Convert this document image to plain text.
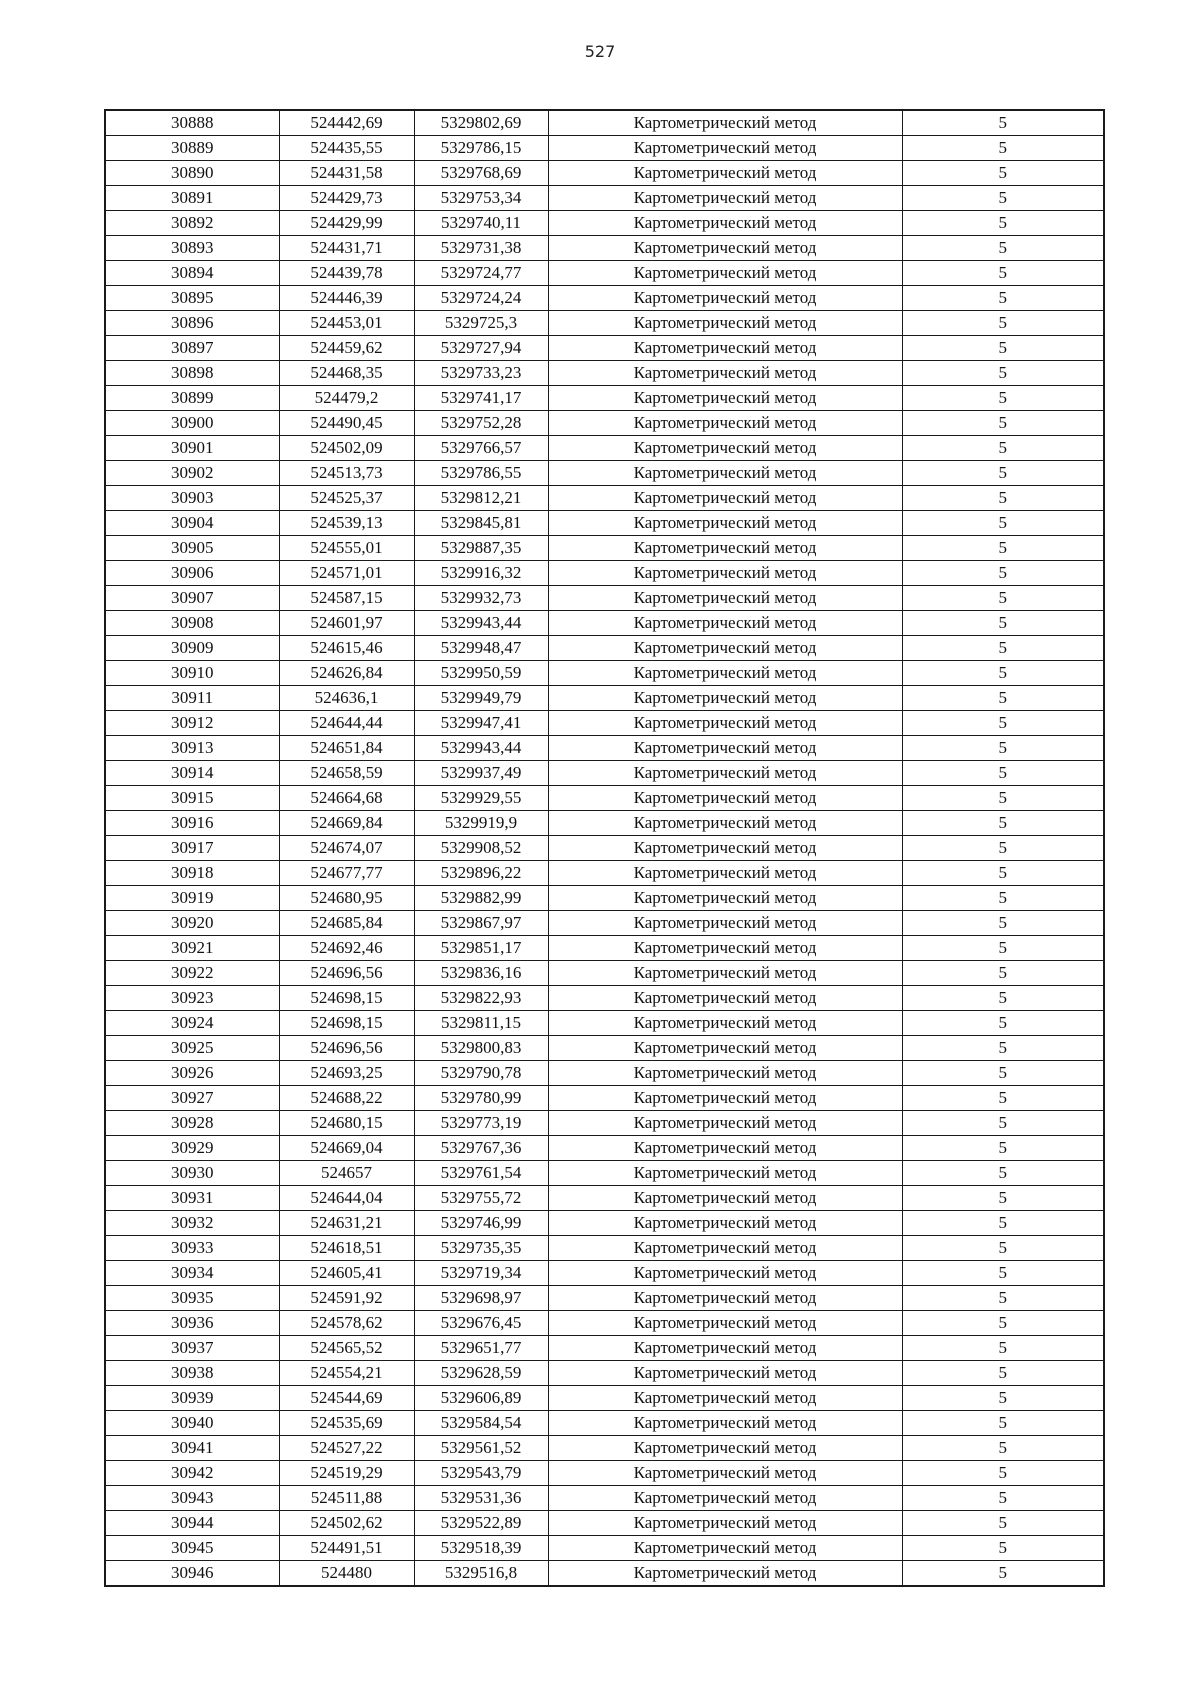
527
30888	524442,69	5329802,69	Картометрический метод	5
30889	524435,55	5329786,15	Картометрический метод	5
30890	524431,58	5329768,69	Картометрический метод	5
30891	524429,73	5329753,34	Картометрический метод	5
30892	524429,99	5329740,11	Картометрический метод	5
30893	524431,71	5329731,38	Картометрический метод	5
30894	524439,78	5329724,77	Картометрический метод	5
30895	524446,39	5329724,24	Картометрический метод	5
30896	524453,01	5329725,3	Картометрический метод	5
30897	524459,62	5329727,94	Картометрический метод	5
30898	524468,35	5329733,23	Картометрический метод	5
30899	524479,2	5329741,17	Картометрический метод	5
30900	524490,45	5329752,28	Картометрический метод	5
30901	524502,09	5329766,57	Картометрический метод	5
30902	524513,73	5329786,55	Картометрический метод	5
30903	524525,37	5329812,21	Картометрический метод	5
30904	524539,13	5329845,81	Картометрический метод	5
30905	524555,01	5329887,35	Картометрический метод	5
30906	524571,01	5329916,32	Картометрический метод	5
30907	524587,15	5329932,73	Картометрический метод	5
30908	524601,97	5329943,44	Картометрический метод	5
30909	524615,46	5329948,47	Картометрический метод	5
30910	524626,84	5329950,59	Картометрический метод	5
30911	524636,1	5329949,79	Картометрический метод	5
30912	524644,44	5329947,41	Картометрический метод	5
30913	524651,84	5329943,44	Картометрический метод	5
30914	524658,59	5329937,49	Картометрический метод	5
30915	524664,68	5329929,55	Картометрический метод	5
30916	524669,84	5329919,9	Картометрический метод	5
30917	524674,07	5329908,52	Картометрический метод	5
30918	524677,77	5329896,22	Картометрический метод	5
30919	524680,95	5329882,99	Картометрический метод	5
30920	524685,84	5329867,97	Картометрический метод	5
30921	524692,46	5329851,17	Картометрический метод	5
30922	524696,56	5329836,16	Картометрический метод	5
30923	524698,15	5329822,93	Картометрический метод	5
30924	524698,15	5329811,15	Картометрический метод	5
30925	524696,56	5329800,83	Картометрический метод	5
30926	524693,25	5329790,78	Картометрический метод	5
30927	524688,22	5329780,99	Картометрический метод	5
30928	524680,15	5329773,19	Картометрический метод	5
30929	524669,04	5329767,36	Картометрический метод	5
30930	524657	5329761,54	Картометрический метод	5
30931	524644,04	5329755,72	Картометрический метод	5
30932	524631,21	5329746,99	Картометрический метод	5
30933	524618,51	5329735,35	Картометрический метод	5
30934	524605,41	5329719,34	Картометрический метод	5
30935	524591,92	5329698,97	Картометрический метод	5
30936	524578,62	5329676,45	Картометрический метод	5
30937	524565,52	5329651,77	Картометрический метод	5
30938	524554,21	5329628,59	Картометрический метод	5
30939	524544,69	5329606,89	Картометрический метод	5
30940	524535,69	5329584,54	Картометрический метод	5
30941	524527,22	5329561,52	Картометрический метод	5
30942	524519,29	5329543,79	Картометрический метод	5
30943	524511,88	5329531,36	Картометрический метод	5
30944	524502,62	5329522,89	Картометрический метод	5
30945	524491,51	5329518,39	Картометрический метод	5
30946	524480	5329516,8	Картометрический метод	5
